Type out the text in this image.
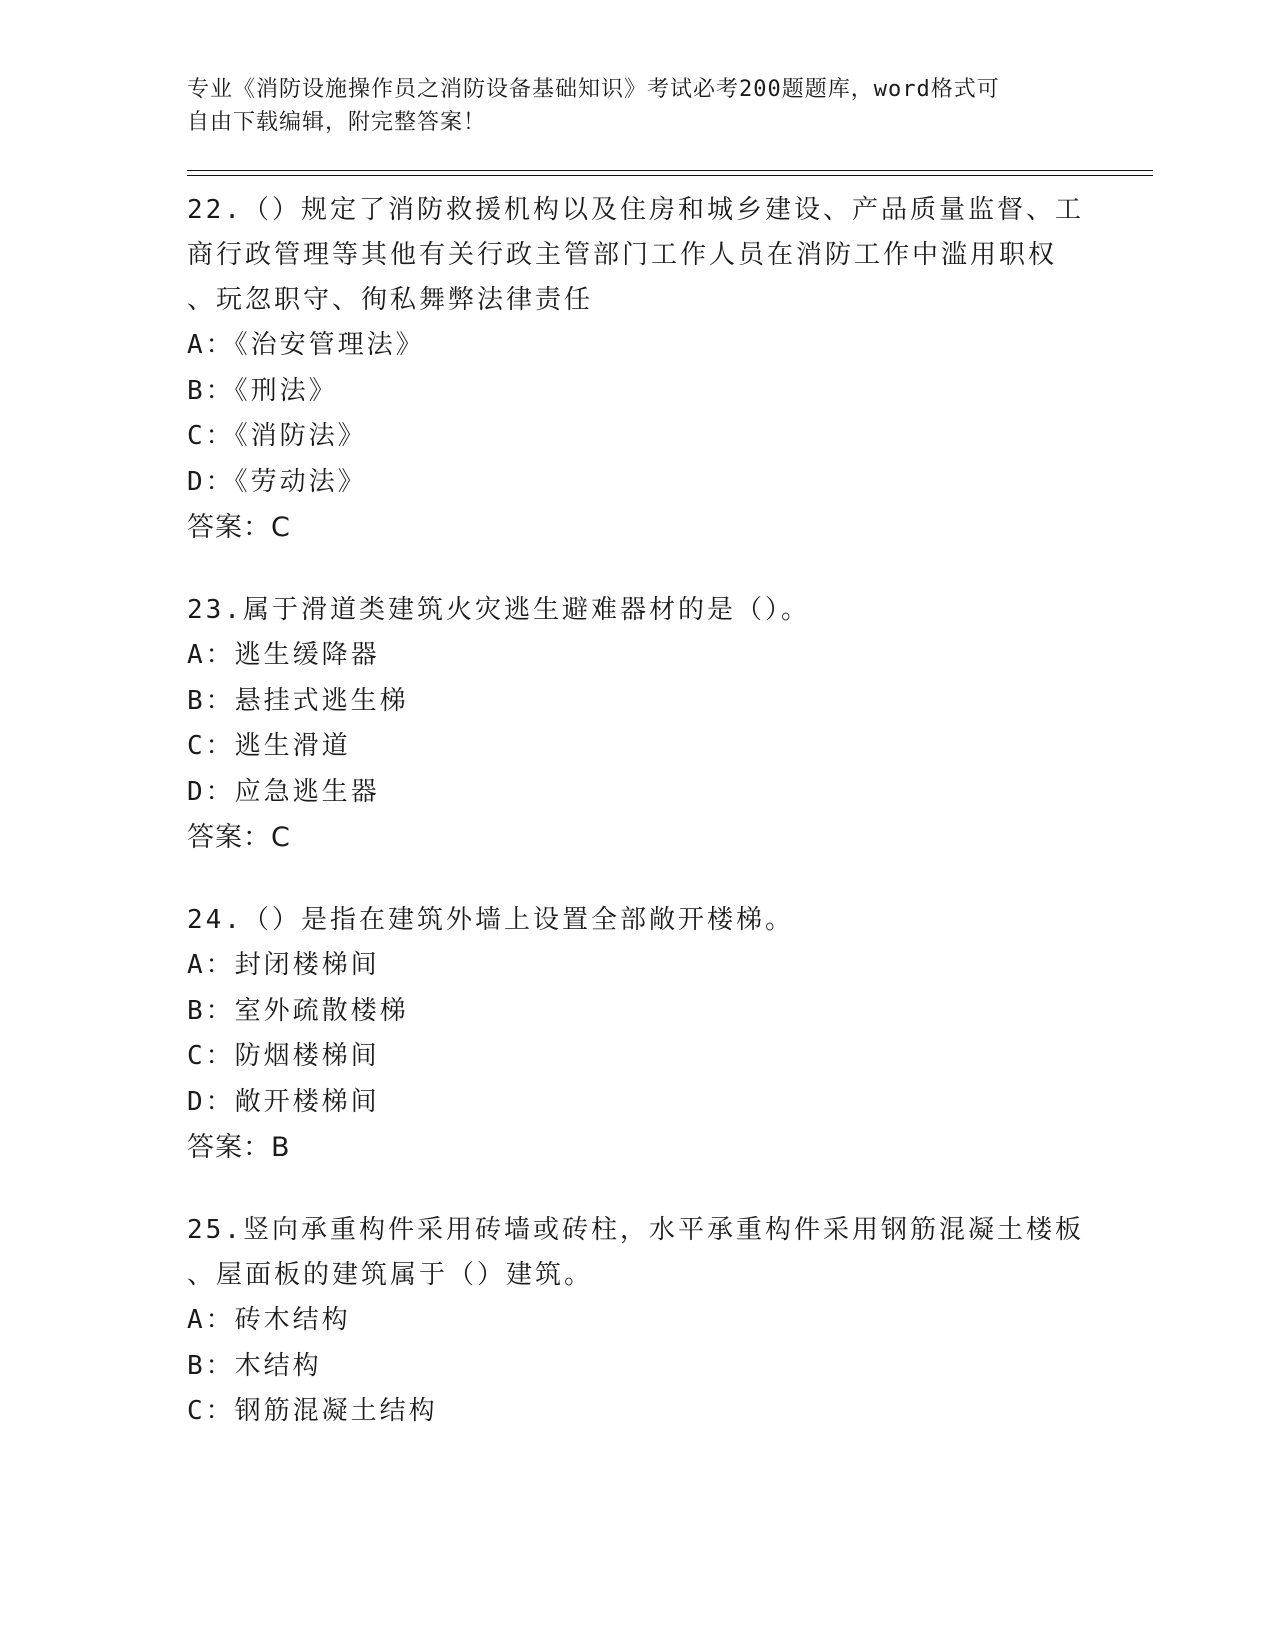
专业《消防设施操作员之消防设备基础知识》考试必考200题题库，word格式可
自由下载编辑，附完整答案！

22.（）规定了消防救援机构以及住房和城乡建设、产品质量监督、工

商行政管理等其他有关行政主管部门工作人员在消防工作中滥用职权

、玩忽职守、徇私舞弊法律责任

A：《治安管理法》

B：《刑法》

C：《消防法》

D：《劳动法》

答案：C

23.属于滑道类建筑火灾逃生避难器材的是（）。

A：逃生缓降器

B：悬挂式逃生梯

C：逃生滑道

D：应急逃生器

答案：C

24.（）是指在建筑外墙上设置全部敞开楼梯。

A：封闭楼梯间

B：室外疏散楼梯

C：防烟楼梯间

D：敞开楼梯间

答案：B

25.竖向承重构件采用砖墙或砖柱，水平承重构件采用钢筋混凝土楼板

、屋面板的建筑属于（）建筑。

A：砖木结构

B：木结构

C：钢筋混凝土结构
